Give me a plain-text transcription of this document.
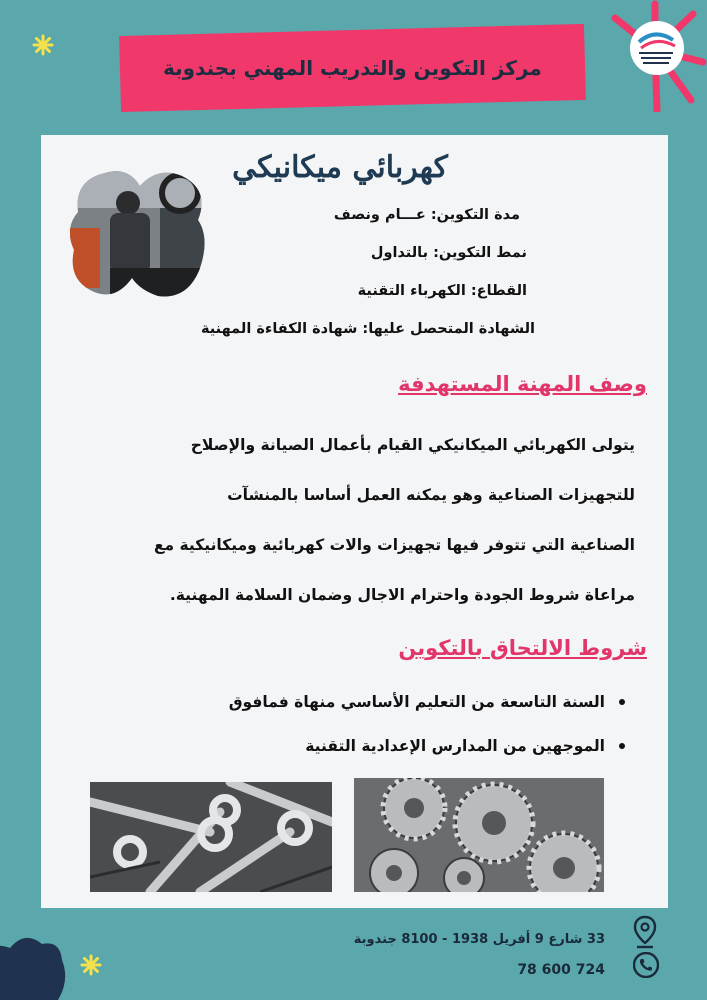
مركز التكوين والتدريب المهني بجندوبة
كهربائي ميكانيكي
مدة التكوين: عـــام ونصف
نمط التكوين: بالتداول
القطاع: الكهرباء التقنية
الشهادة المتحصل عليها: شهادة الكفاءة المهنية
وصف المهنة المستهدفة
يتولى الكهربائي الميكانيكي القيام بأعمال الصيانة والإصلاح
للتجهيزات الصناعية وهو يمكنه العمل أساسا بالمنشآت
الصناعية التي تتوفر فيها تجهيزات والات كهربائية وميكانيكية مع
مراعاة شروط الجودة واحترام الاجال وضمان السلامة المهنية.
شروط الالتحاق بالتكوين
السنة التاسعة من التعليم الأساسي منهاة فمافوق
الموجهين من المدارس الإعدادية التقنية
33 شارع 9 أفريل 1938 - 8100 جندوبة
78 600 724
